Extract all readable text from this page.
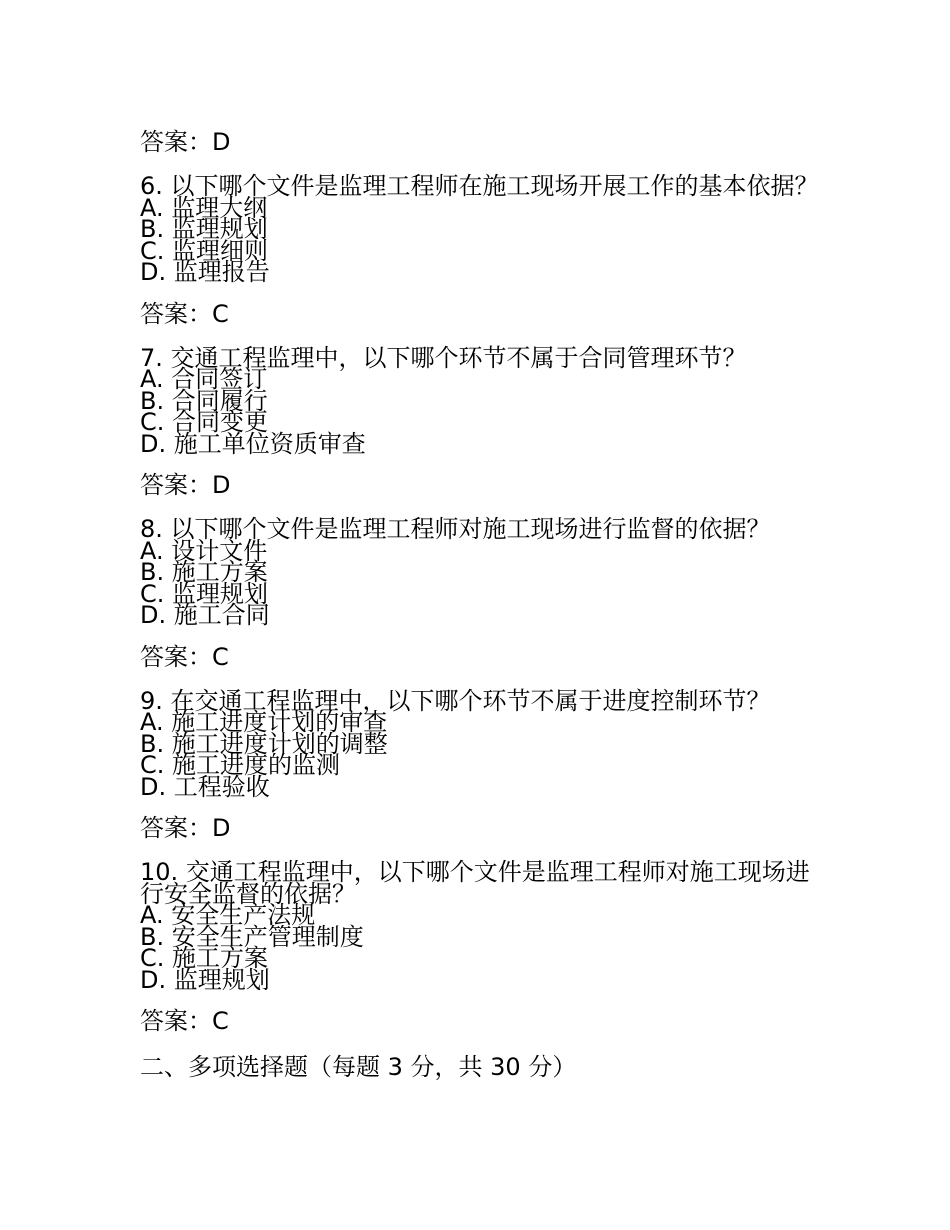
答案：D

6. 以下哪个文件是监理工程师在施工现场开展工作的基本依据？

A. 监理大纲

B. 监理规划

C. 监理细则

D. 监理报告

答案：C

7. 交通工程监理中，以下哪个环节不属于合同管理环节？

A. 合同签订

B. 合同履行

C. 合同变更

D. 施工单位资质审查

答案：D

8. 以下哪个文件是监理工程师对施工现场进行监督的依据？

A. 设计文件

B. 施工方案

C. 监理规划

D. 施工合同

答案：C

9. 在交通工程监理中，以下哪个环节不属于进度控制环节？

A. 施工进度计划的审查

B. 施工进度计划的调整

C. 施工进度的监测

D. 工程验收

答案：D

10. 交通工程监理中，以下哪个文件是监理工程师对施工现场进行安全监督的依据？

A. 安全生产法规

B. 安全生产管理制度

C. 施工方案

D. 监理规划

答案：C

二、多项选择题（每题 3 分，共 30 分）
